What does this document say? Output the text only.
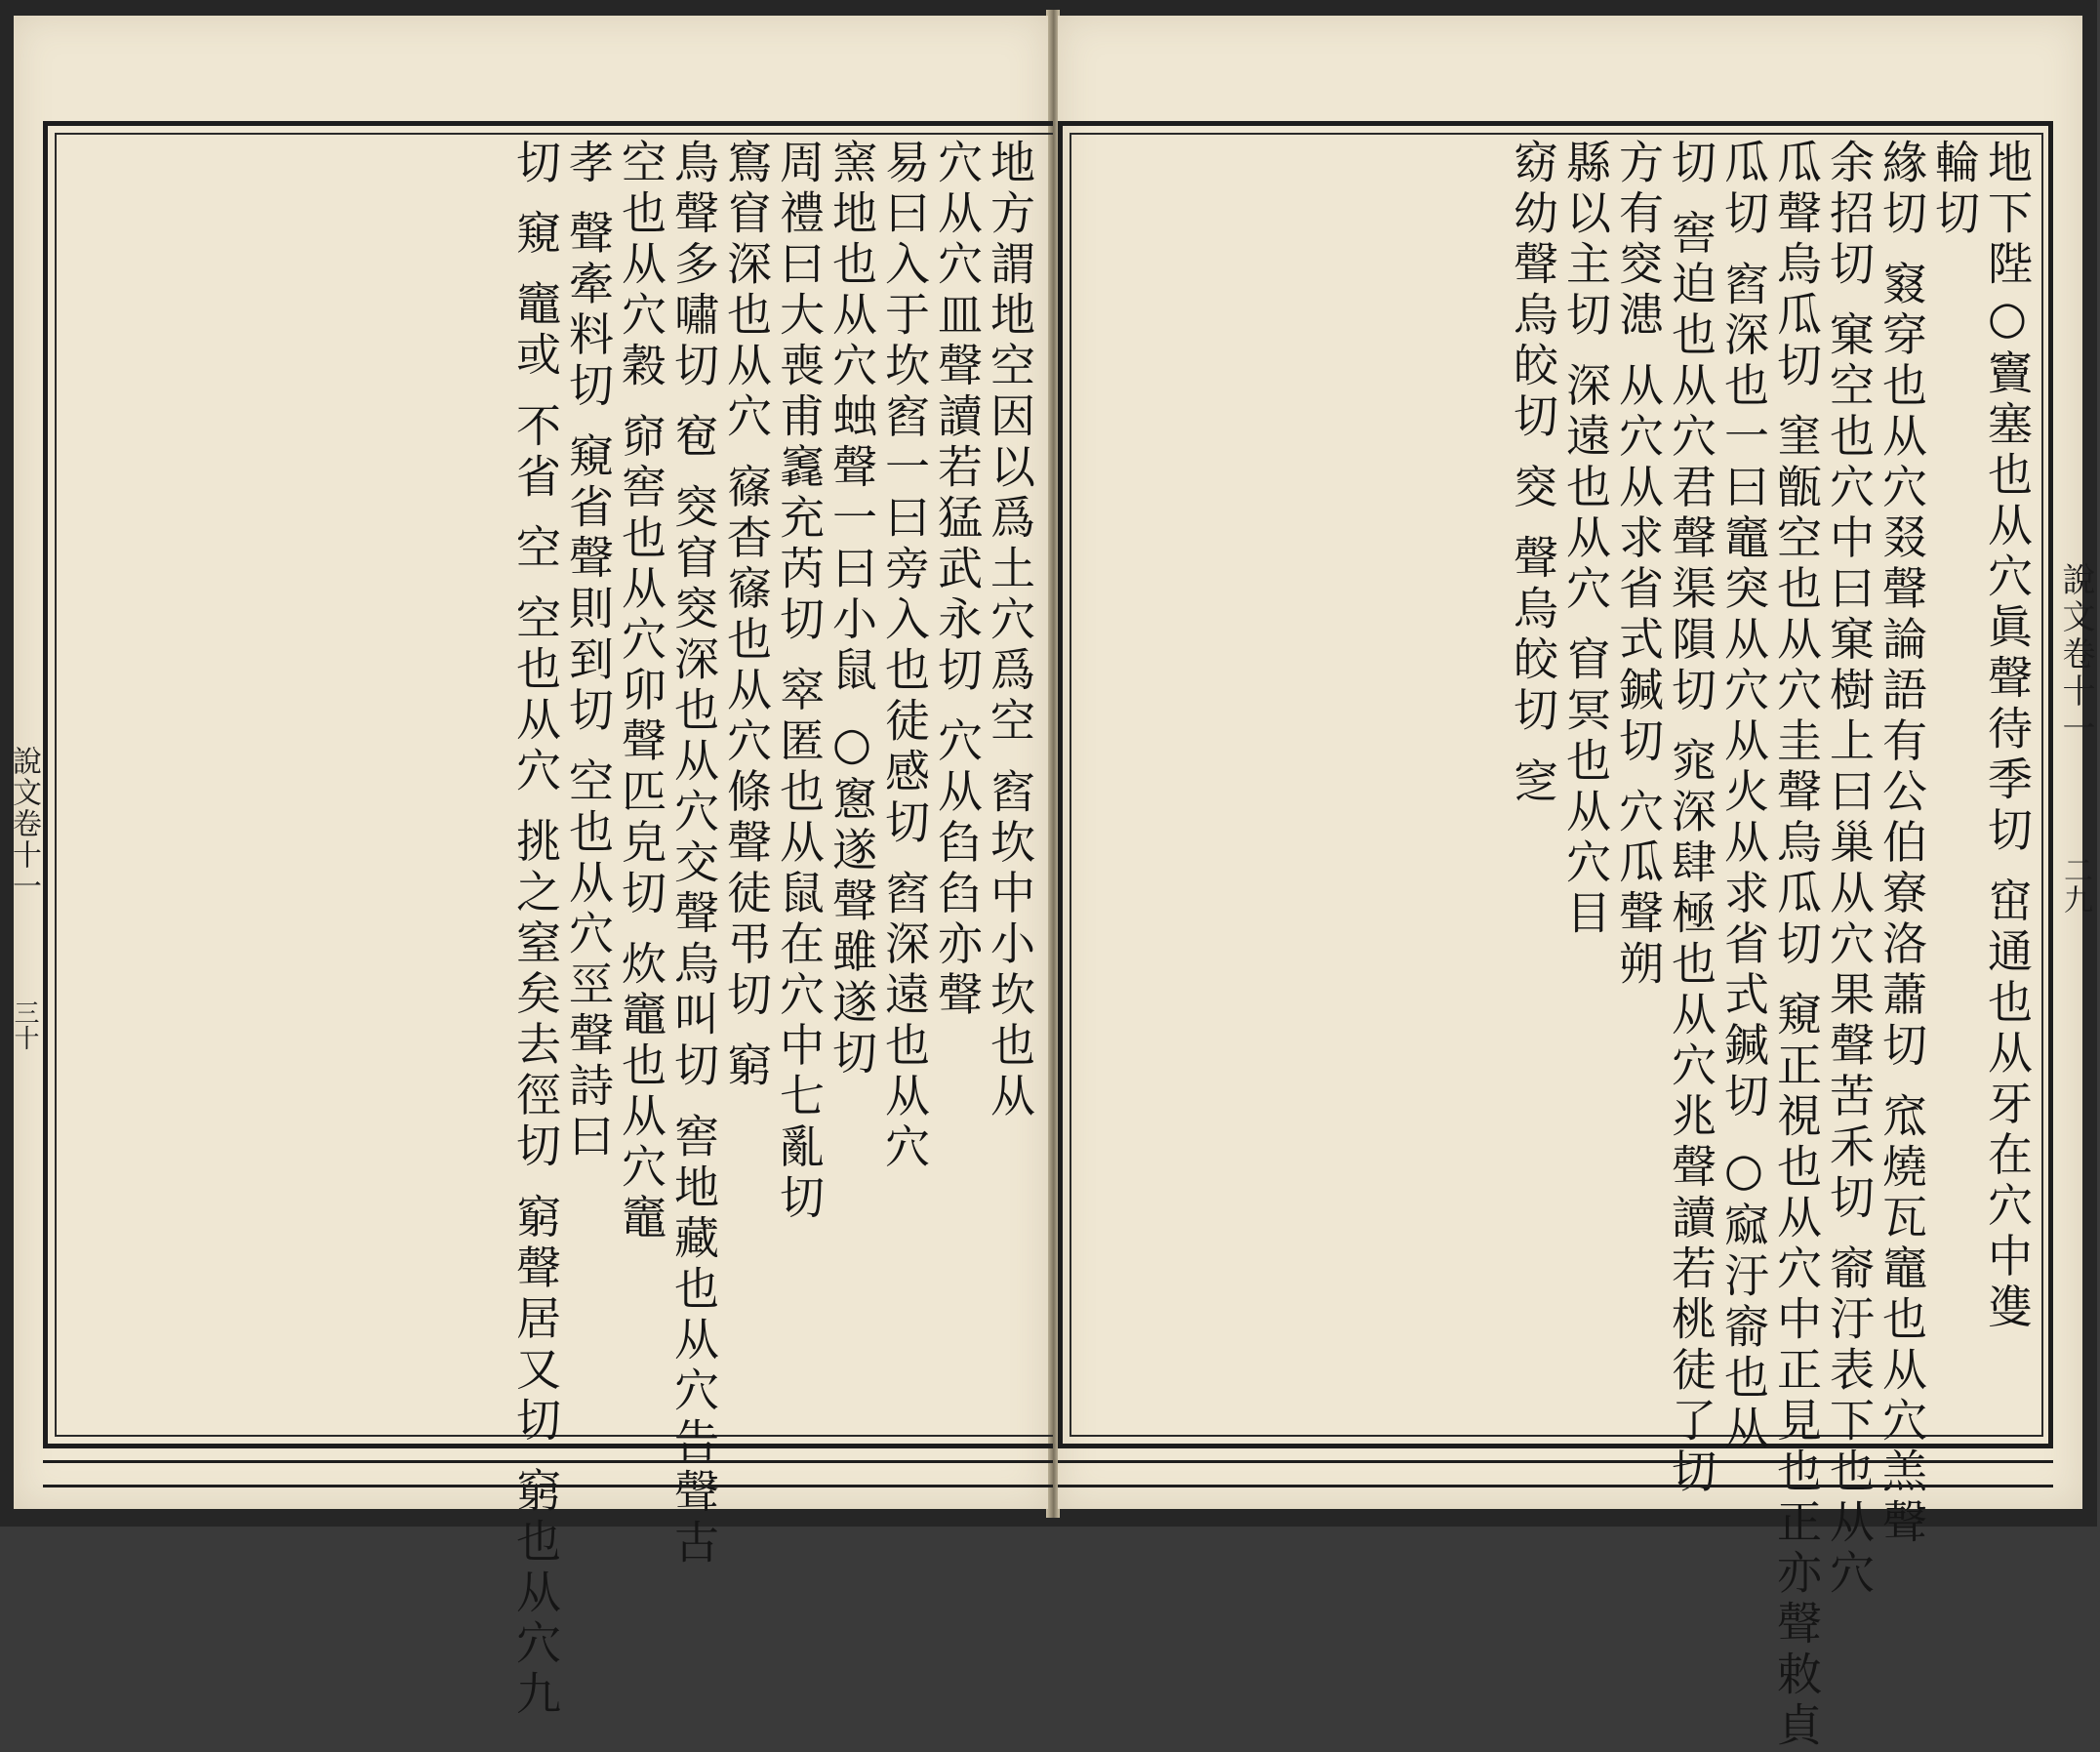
說文卷十一
三十	地方謂地空因以爲土穴爲空 窞坎中小坎也从
穴从穴皿聲讀若猛武永切 穴从臽臽亦聲
易曰入于坎窞一曰旁入也徒感切 窞深遠也从穴
窯地也从穴䖵聲一曰小鼠 ○窻遂聲雖遂切
周禮曰大喪甫竁充芮切 窣匿也从鼠在穴中七亂切
窵窅深也从穴 窱杳窱也从穴條聲徒弔切 窮
鳥聲多嘯切 窇 窔窅窔深也从穴交聲烏叫切 窖地藏也从穴告聲古
空也从穴穀 窌窖也从穴卯聲匹皃切 炊竈也从穴竈
孝 聲牽料切 窺省聲則到切 空也从穴巠聲詩曰
切 窺 竈或 不省 空 空也从穴 挑之窒矣去徑切 窮聲居又切 窮也从穴九	地下陛○竇塞也从穴眞聲待季切 窋通也从牙在穴中㕠
輪切
緣切 窡穿也从穴叕聲論語有公伯寮洛蕭切 窊燒瓦竈也从穴羔聲
余招切 窠空也穴中曰窠樹上曰巢从穴果聲苦禾切 窬汙表下也从穴
瓜聲烏瓜切 窐甑空也从穴圭聲烏瓜切 窺正視也从穴中正見也正亦聲敕貞
瓜切 窞深也一曰竈突从穴从火从求省式鍼切 ○窳汙窬也从
切 窖迫也从穴君聲渠隕切 窕深肆極也从穴兆聲讀若桃徒了切
方有窔漶 从穴从求省式鍼切 穴瓜聲朔
縣以主切 深遠也从穴 窅冥也从穴目
窈幼聲烏皎切 窔 聲烏皎切 窆	說文卷十一
二九
